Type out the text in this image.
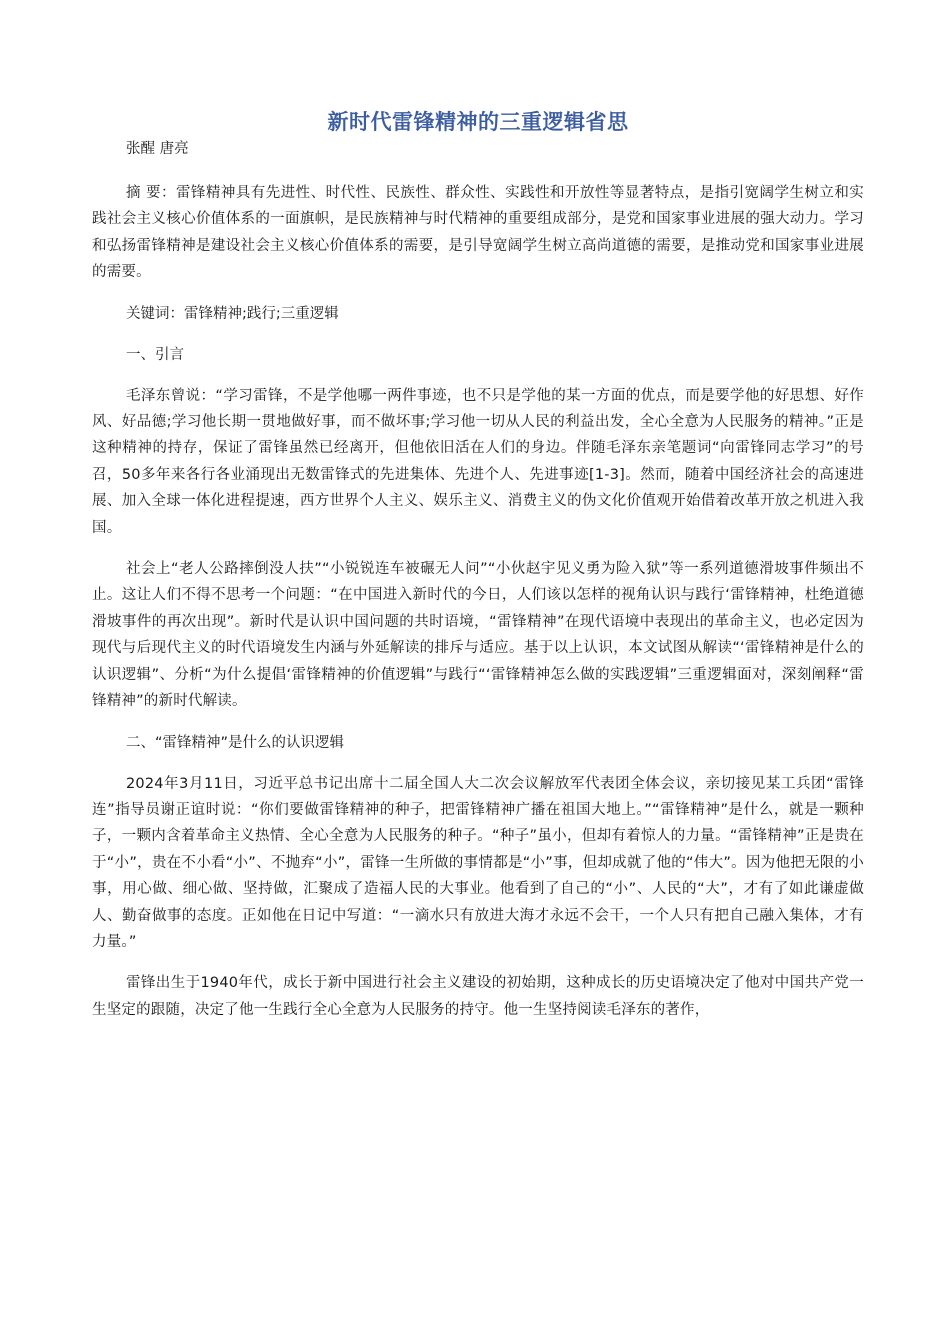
新时代雷锋精神的三重逻辑省思

张醒 唐亮

摘 要：雷锋精神具有先进性、时代性、民族性、群众性、实践性和开放性等显著特点，是指引宽阔学生树立和实践社会主义核心价值体系的一面旗帜，是民族精神与时代精神的重要组成部分，是党和国家事业进展的强大动力。学习和弘扬雷锋精神是建设社会主义核心价值体系的需要，是引导宽阔学生树立高尚道德的需要，是推动党和国家事业进展的需要。

关键词：雷锋精神;践行;三重逻辑

一、引言

毛泽东曾说：“学习雷锋，不是学他哪一两件事迹，也不只是学他的某一方面的优点，而是要学他的好思想、好作风、好品德;学习他长期一贯地做好事，而不做坏事;学习他一切从人民的利益出发，全心全意为人民服务的精神。”正是这种精神的持存，保证了雷锋虽然已经离开，但他依旧活在人们的身边。伴随毛泽东亲笔题词“向雷锋同志学习”的号召，50多年来各行各业涌现出无数雷锋式的先进集体、先进个人、先进事迹[1-3]。然而，随着中国经济社会的高速进展、加入全球一体化进程提速，西方世界个人主义、娱乐主义、消费主义的伪文化价值观开始借着改革开放之机进入我国。

社会上“老人公路摔倒没人扶”“小锐锐连车被碾无人问”“小伙赵宇见义勇为险入狱”等一系列道德滑坡事件频出不止。这让人们不得不思考一个问题：“在中国进入新时代的今日，人们该以怎样的视角认识与践行‘雷锋精神，杜绝道德滑坡事件的再次出现”。新时代是认识中国问题的共时语境，“雷锋精神”在现代语境中表现出的革命主义，也必定因为现代与后现代主义的时代语境发生内涵与外延解读的排斥与适应。基于以上认识，本文试图从解读“‘雷锋精神是什么的认识逻辑”、分析“为什么提倡‘雷锋精神的价值逻辑”与践行“‘雷锋精神怎么做的实践逻辑”三重逻辑面对，深刻阐释“雷锋精神”的新时代解读。

二、“雷锋精神”是什么的认识逻辑

2024年3月11日，习近平总书记出席十二届全国人大二次会议解放军代表团全体会议，亲切接见某工兵团“雷锋连”指导员谢正谊时说：“你们要做雷锋精神的种子，把雷锋精神广播在祖国大地上。”“雷锋精神”是什么，就是一颗种子，一颗内含着革命主义热情、全心全意为人民服务的种子。“种子”虽小，但却有着惊人的力量。“雷锋精神”正是贵在于“小”，贵在不小看“小”、不抛弃“小”，雷锋一生所做的事情都是“小”事，但却成就了他的“伟大”。因为他把无限的小事，用心做、细心做、坚持做，汇聚成了造福人民的大事业。他看到了自己的“小”、人民的“大”，才有了如此谦虚做人、勤奋做事的态度。正如他在日记中写道：“一滴水只有放进大海才永远不会干，一个人只有把自己融入集体，才有力量。”

雷锋出生于1940年代，成长于新中国进行社会主义建设的初始期，这种成长的历史语境决定了他对中国共产党一生坚定的跟随，决定了他一生践行全心全意为人民服务的持守。他一生坚持阅读毛泽东的著作，
